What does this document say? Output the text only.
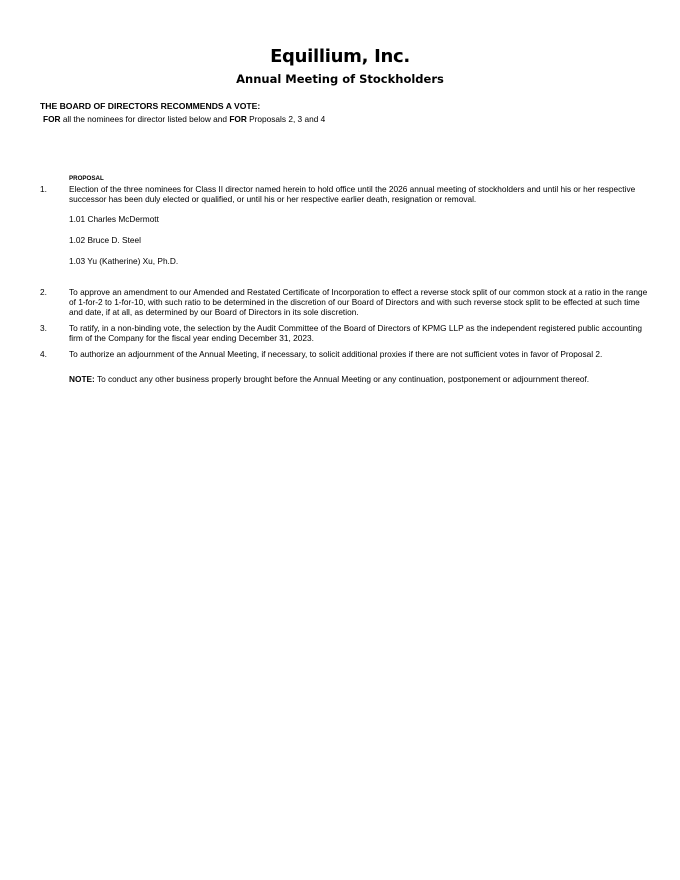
Equillium, Inc.
Annual Meeting of Stockholders
THE BOARD OF DIRECTORS RECOMMENDS A VOTE:
FOR all the nominees for director listed below and FOR Proposals 2, 3 and 4
PROPOSAL
1.	Election of the three nominees for Class II director named herein to hold office until the 2026 annual meeting of stockholders and until his or her respective successor has been duly elected or qualified, or until his or her respective earlier death, resignation or removal.
1.01 Charles McDermott
1.02 Bruce D. Steel
1.03 Yu (Katherine) Xu, Ph.D.
2.	To approve an amendment to our Amended and Restated Certificate of Incorporation to effect a reverse stock split of our common stock at a ratio in the range of 1-for-2 to 1-for-10, with such ratio to be determined in the discretion of our Board of Directors and with such reverse stock split to be effected at such time and date, if at all, as determined by our Board of Directors in its sole discretion.
3.	To ratify, in a non-binding vote, the selection by the Audit Committee of the Board of Directors of KPMG LLP as the independent registered public accounting firm of the Company for the fiscal year ending December 31, 2023.
4.	To authorize an adjournment of the Annual Meeting, if necessary, to solicit additional proxies if there are not sufficient votes in favor of Proposal 2.
NOTE: To conduct any other business properly brought before the Annual Meeting or any continuation, postponement or adjournment thereof.
